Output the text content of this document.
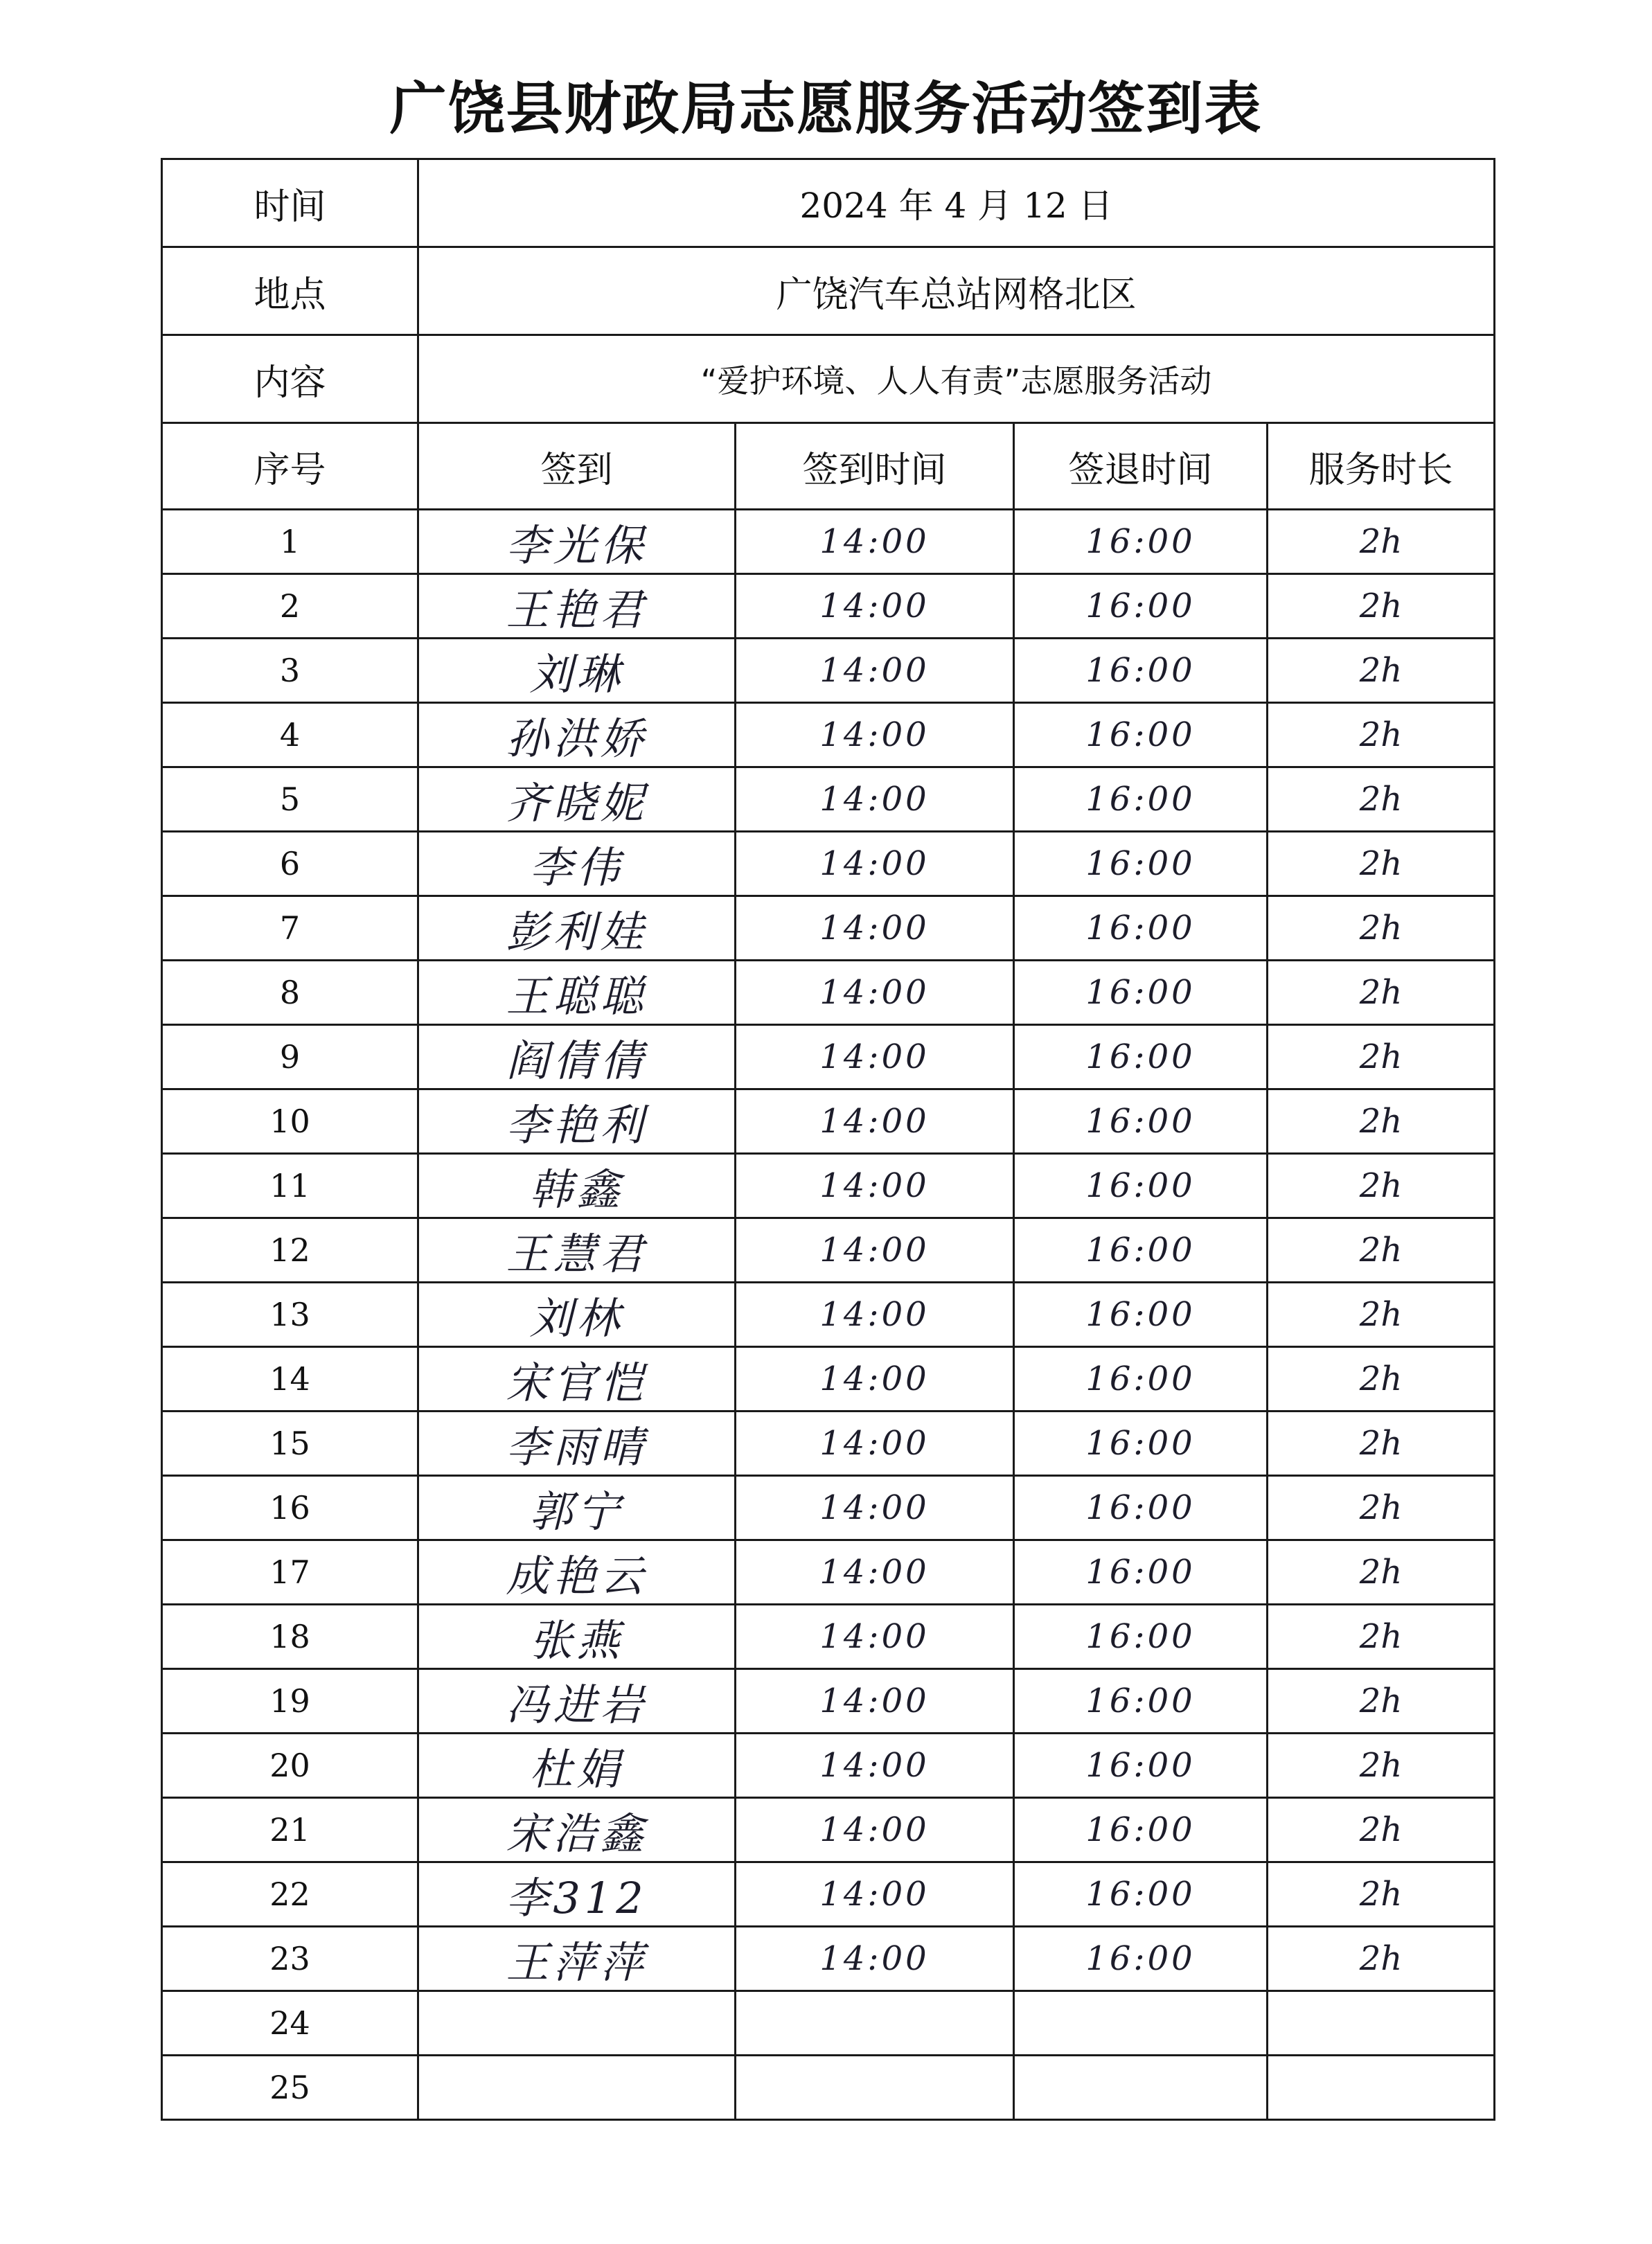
广饶县财政局志愿服务活动签到表
时间	2024 年 4 月 12 日			
地点	广饶汽车总站网格北区			
内容	“爱护环境、人人有责”志愿服务活动			
序号	签到	签到时间	签退时间	服务时长
1	李光保	14:00	16:00	2h
2	王艳君	14:00	16:00	2h
3	刘琳	14:00	16:00	2h
4	孙洪娇	14:00	16:00	2h
5	齐晓妮	14:00	16:00	2h
6	李伟	14:00	16:00	2h
7	彭利娃	14:00	16:00	2h
8	王聪聪	14:00	16:00	2h
9	阎倩倩	14:00	16:00	2h
10	李艳利	14:00	16:00	2h
11	韩鑫	14:00	16:00	2h
12	王慧君	14:00	16:00	2h
13	刘林	14:00	16:00	2h
14	宋官恺	14:00	16:00	2h
15	李雨晴	14:00	16:00	2h
16	郭宁	14:00	16:00	2h
17	成艳云	14:00	16:00	2h
18	张燕	14:00	16:00	2h
19	冯进岩	14:00	16:00	2h
20	杜娟	14:00	16:00	2h
21	宋浩鑫	14:00	16:00	2h
22	李312	14:00	16:00	2h
23	王萍萍	14:00	16:00	2h
24				
25				
